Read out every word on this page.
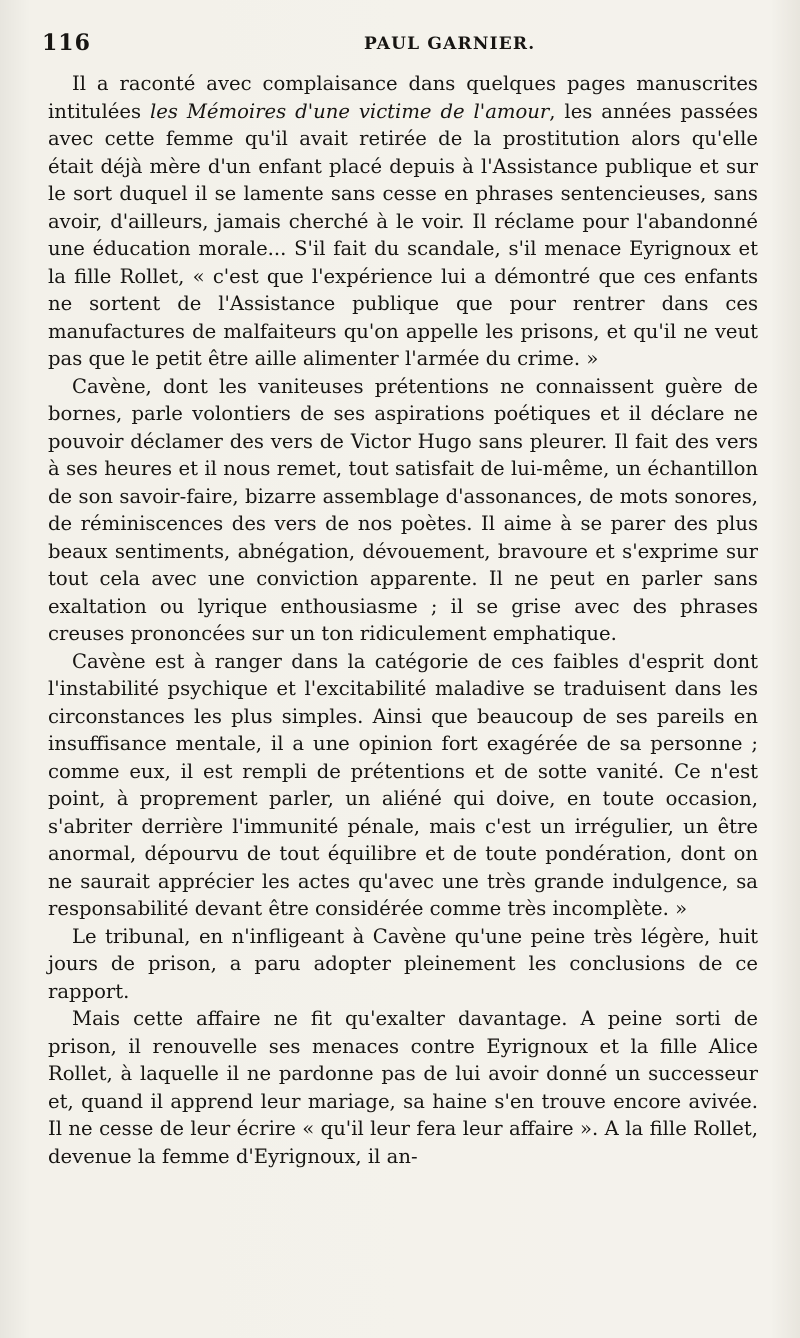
116	PAUL GARNIER.

Il a raconté avec complaisance dans quelques pages manuscrites intitulées les Mémoires d'une victime de l'amour, les années passées avec cette femme qu'il avait retirée de la prostitution alors qu'elle était déjà mère d'un enfant placé depuis à l'Assistance publique et sur le sort duquel il se lamente sans cesse en phrases sentencieuses, sans avoir, d'ailleurs, jamais cherché à le voir. Il réclame pour l'abandonné une éducation morale... S'il fait du scandale, s'il menace Eyrignoux et la fille Rollet, « c'est que l'expérience lui a démontré que ces enfants ne sortent de l'Assistance publique que pour rentrer dans ces manufactures de malfaiteurs qu'on appelle les prisons, et qu'il ne veut pas que le petit être aille alimenter l'armée du crime. »

Cavène, dont les vaniteuses prétentions ne connaissent guère de bornes, parle volontiers de ses aspirations poétiques et il déclare ne pouvoir déclamer des vers de Victor Hugo sans pleurer. Il fait des vers à ses heures et il nous remet, tout satisfait de lui-même, un échantillon de son savoir-faire, bizarre assemblage d'assonances, de mots sonores, de réminiscences des vers de nos poètes. Il aime à se parer des plus beaux sentiments, abnégation, dévouement, bravoure et s'exprime sur tout cela avec une conviction apparente. Il ne peut en parler sans exaltation ou lyrique enthousiasme ; il se grise avec des phrases creuses prononcées sur un ton ridiculement emphatique.

Cavène est à ranger dans la catégorie de ces faibles d'esprit dont l'instabilité psychique et l'excitabilité maladive se traduisent dans les circonstances les plus simples. Ainsi que beaucoup de ses pareils en insuffisance mentale, il a une opinion fort exagérée de sa personne ; comme eux, il est rempli de prétentions et de sotte vanité. Ce n'est point, à proprement parler, un aliéné qui doive, en toute occasion, s'abriter derrière l'immunité pénale, mais c'est un irrégulier, un être anormal, dépourvu de tout équilibre et de toute pondération, dont on ne saurait apprécier les actes qu'avec une très grande indulgence, sa responsabilité devant être considérée comme très incomplète. »

Le tribunal, en n'infligeant à Cavène qu'une peine très légère, huit jours de prison, a paru adopter pleinement les conclusions de ce rapport.

Mais cette affaire ne fit qu'exalter davantage. A peine sorti de prison, il renouvelle ses menaces contre Eyrignoux et la fille Alice Rollet, à laquelle il ne pardonne pas de lui avoir donné un successeur et, quand il apprend leur mariage, sa haine s'en trouve encore avivée. Il ne cesse de leur écrire « qu'il leur fera leur affaire ». A la fille Rollet, devenue la femme d'Eyrignoux, il an-
